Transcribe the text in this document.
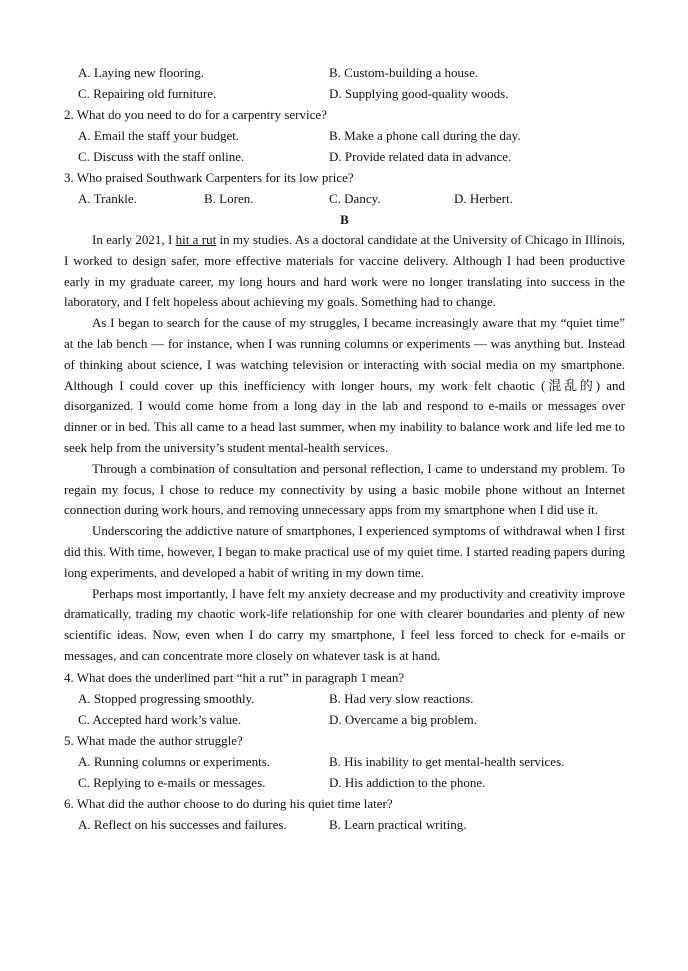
A. Laying new flooring.	B. Custom-building a house.
C. Repairing old furniture.	D. Supplying good-quality woods.
2. What do you need to do for a carpentry service?
A. Email the staff your budget.	B. Make a phone call during the day.
C. Discuss with the staff online.	D. Provide related data in advance.
3. Who praised Southwark Carpenters for its low price?
A. Trankle.	B. Loren.	C. Dancy.	D. Herbert.
B

In early 2021, I hit a rut in my studies. As a doctoral candidate at the University of Chicago in Illinois, I worked to design safer, more effective materials for vaccine delivery. Although I had been productive early in my graduate career, my long hours and hard work were no longer translating into success in the laboratory, and I felt hopeless about achieving my goals. Something had to change.

As I began to search for the cause of my struggles, I became increasingly aware that my “quiet time” at the lab bench — for instance, when I was running columns or experiments — was anything but. Instead of thinking about science, I was watching television or interacting with social media on my smartphone. Although I could cover up this inefficiency with longer hours, my work felt chaotic (混乱的) and disorganized. I would come home from a long day in the lab and respond to e-mails or messages over dinner or in bed. This all came to a head last summer, when my inability to balance work and life led me to seek help from the university’s student mental-health services.

Through a combination of consultation and personal reflection, I came to understand my problem. To regain my focus, I chose to reduce my connectivity by using a basic mobile phone without an Internet connection during work hours, and removing unnecessary apps from my smartphone when I did use it.

Underscoring the addictive nature of smartphones, I experienced symptoms of withdrawal when I first did this. With time, however, I began to make practical use of my quiet time. I started reading papers during long experiments, and developed a habit of writing in my down time.

Perhaps most importantly, I have felt my anxiety decrease and my productivity and creativity improve dramatically, trading my chaotic work-life relationship for one with clearer boundaries and plenty of new scientific ideas. Now, even when I do carry my smartphone, I feel less forced to check for e-mails or messages, and can concentrate more closely on whatever task is at hand.

4. What does the underlined part “hit a rut” in paragraph 1 mean?
A. Stopped progressing smoothly.	B. Had very slow reactions.
C. Accepted hard work’s value.	D. Overcame a big problem.
5. What made the author struggle?
A. Running columns or experiments.	B. His inability to get mental-health services.
C. Replying to e-mails or messages.	D. His addiction to the phone.
6. What did the author choose to do during his quiet time later?
A. Reflect on his successes and failures.	B. Learn practical writing.
